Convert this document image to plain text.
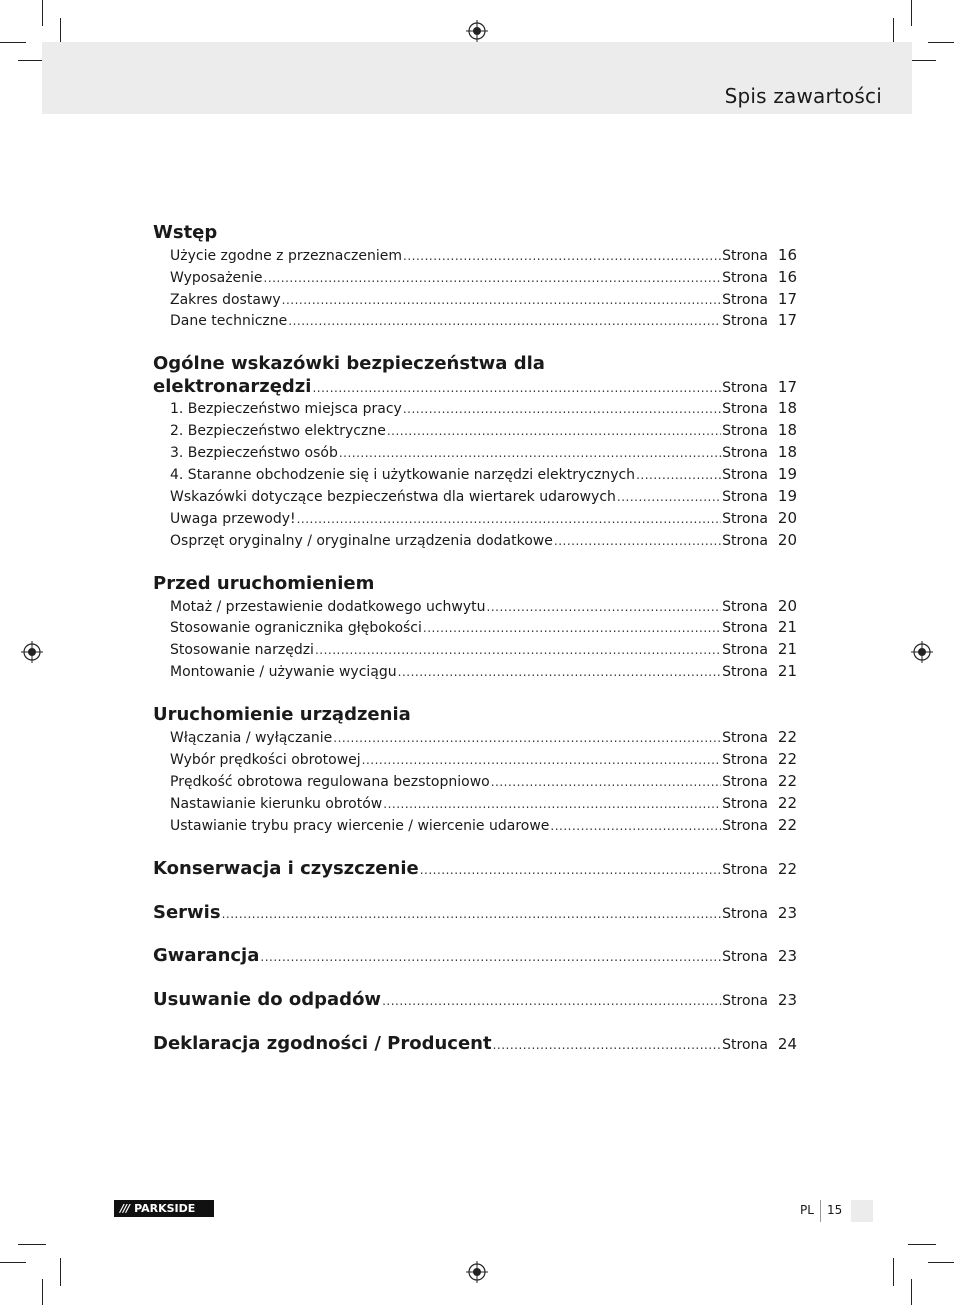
Spis zawartości
Wstęp
Użycie zgodne z przeznaczeniem .....	Strona 16
Wyposażenie .....	Strona 16
Zakres dostawy .....	Strona 17
Dane techniczne .....	Strona 17
Ogólne wskazówki bezpieczeństwa dla
elektronarzędzi .....	Strona 17
1. Bezpieczeństwo miejsca pracy .....	Strona 18
2. Bezpieczeństwo elektryczne .....	Strona 18
3. Bezpieczeństwo osób .....	Strona 18
4. Staranne obchodzenie się i użytkowanie narzędzi elektrycznych .....	Strona 19
Wskazówki dotyczące bezpieczeństwa dla wiertarek udarowych .....	Strona 19
Uwaga przewody! .....	Strona 20
Osprzęt oryginalny / oryginalne urządzenia dodatkowe .....	Strona 20
Przed uruchomieniem
Motaż / przestawienie dodatkowego uchwytu .....	Strona 20
Stosowanie ogranicznika głębokości .....	Strona 21
Stosowanie narzędzi .....	Strona 21
Montowanie / używanie wyciągu .....	Strona 21
Uruchomienie urządzenia
Włączania / wyłączanie .....	Strona 22
Wybór prędkości obrotowej .....	Strona 22
Prędkość obrotowa regulowana bezstopniowo .....	Strona 22
Nastawianie kierunku obrotów .....	Strona 22
Ustawianie trybu pracy wiercenie / wiercenie udarowe .....	Strona 22
Konserwacja i czyszczenie .....	Strona 22
Serwis .....	Strona 23
Gwarancja .....	Strona 23
Usuwanie do odpadów .....	Strona 23
Deklaracja zgodności / Producent .....	Strona 24
/// PARKSIDE	PL 15
